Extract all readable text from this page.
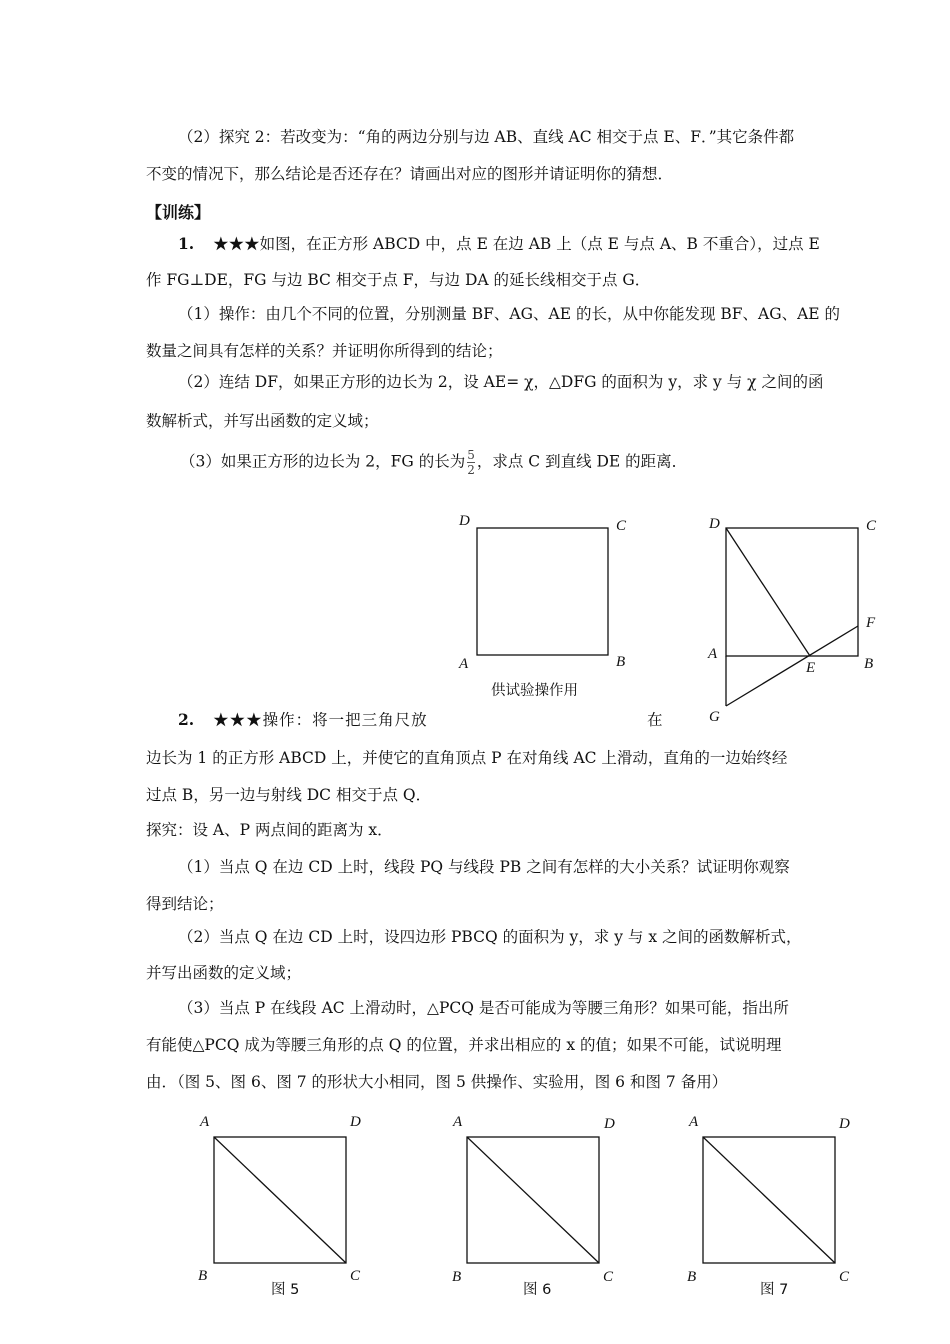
（2）探究 2：若改变为：“角的两边分别与边 AB、直线 AC 相交于点 E、F．”其它条件都
不变的情况下，那么结论是否还存在？请画出对应的图形并请证明你的猜想．
【训练】
1. ★★★如图，在正方形 ABCD 中，点 E 在边 AB 上（点 E 与点 A、B 不重合），过点 E
作 FG⊥DE，FG 与边 BC 相交于点 F，与边 DA 的延长线相交于点 G．
（1）操作：由几个不同的位置，分别测量 BF、AG、AE 的长，从中你能发现 BF、AG、AE 的
数量之间具有怎样的关系？并证明你所得到的结论；
（2）连结 DF，如果正方形的边长为 2，设 AE= χ，△DFG 的面积为 y，求 y 与 χ 之间的函
数解析式，并写出函数的定义域；
（3）如果正方形的边长为 2，FG 的长为 $\frac{5}{2}$ ，求点 C 到直线 DE 的距离．
D	C
A	B
供试验操作用
D	C
F
A
E	B
G
2. ★★★操作：将一把三角尺放	在
边长为 1 的正方形 ABCD 上，并使它的直角顶点 P 在对角线 AC 上滑动，直角的一边始终经
过点 B，另一边与射线 DC 相交于点 Q．
探究：设 A、P 两点间的距离为 x．
（1）当点 Q 在边 CD 上时，线段 PQ 与线段 PB 之间有怎样的大小关系？试证明你观察
得到结论；
（2）当点 Q 在边 CD 上时，设四边形 PBCQ 的面积为 y，求 y 与 x 之间的函数解析式，
并写出函数的定义域；
（3）当点 P 在线段 AC 上滑动时，△PCQ 是否可能成为等腰三角形？如果可能，指出所
有能使△PCQ 成为等腰三角形的点 Q 的位置，并求出相应的 x 的值；如果不可能，试说明理
由．（图 5、图 6、图 7 的形状大小相同，图 5 供操作、实验用，图 6 和图 7 备用）
A	D
B	C
图 5
A	D
B	C
图 6
A	D
B	C
图 7
